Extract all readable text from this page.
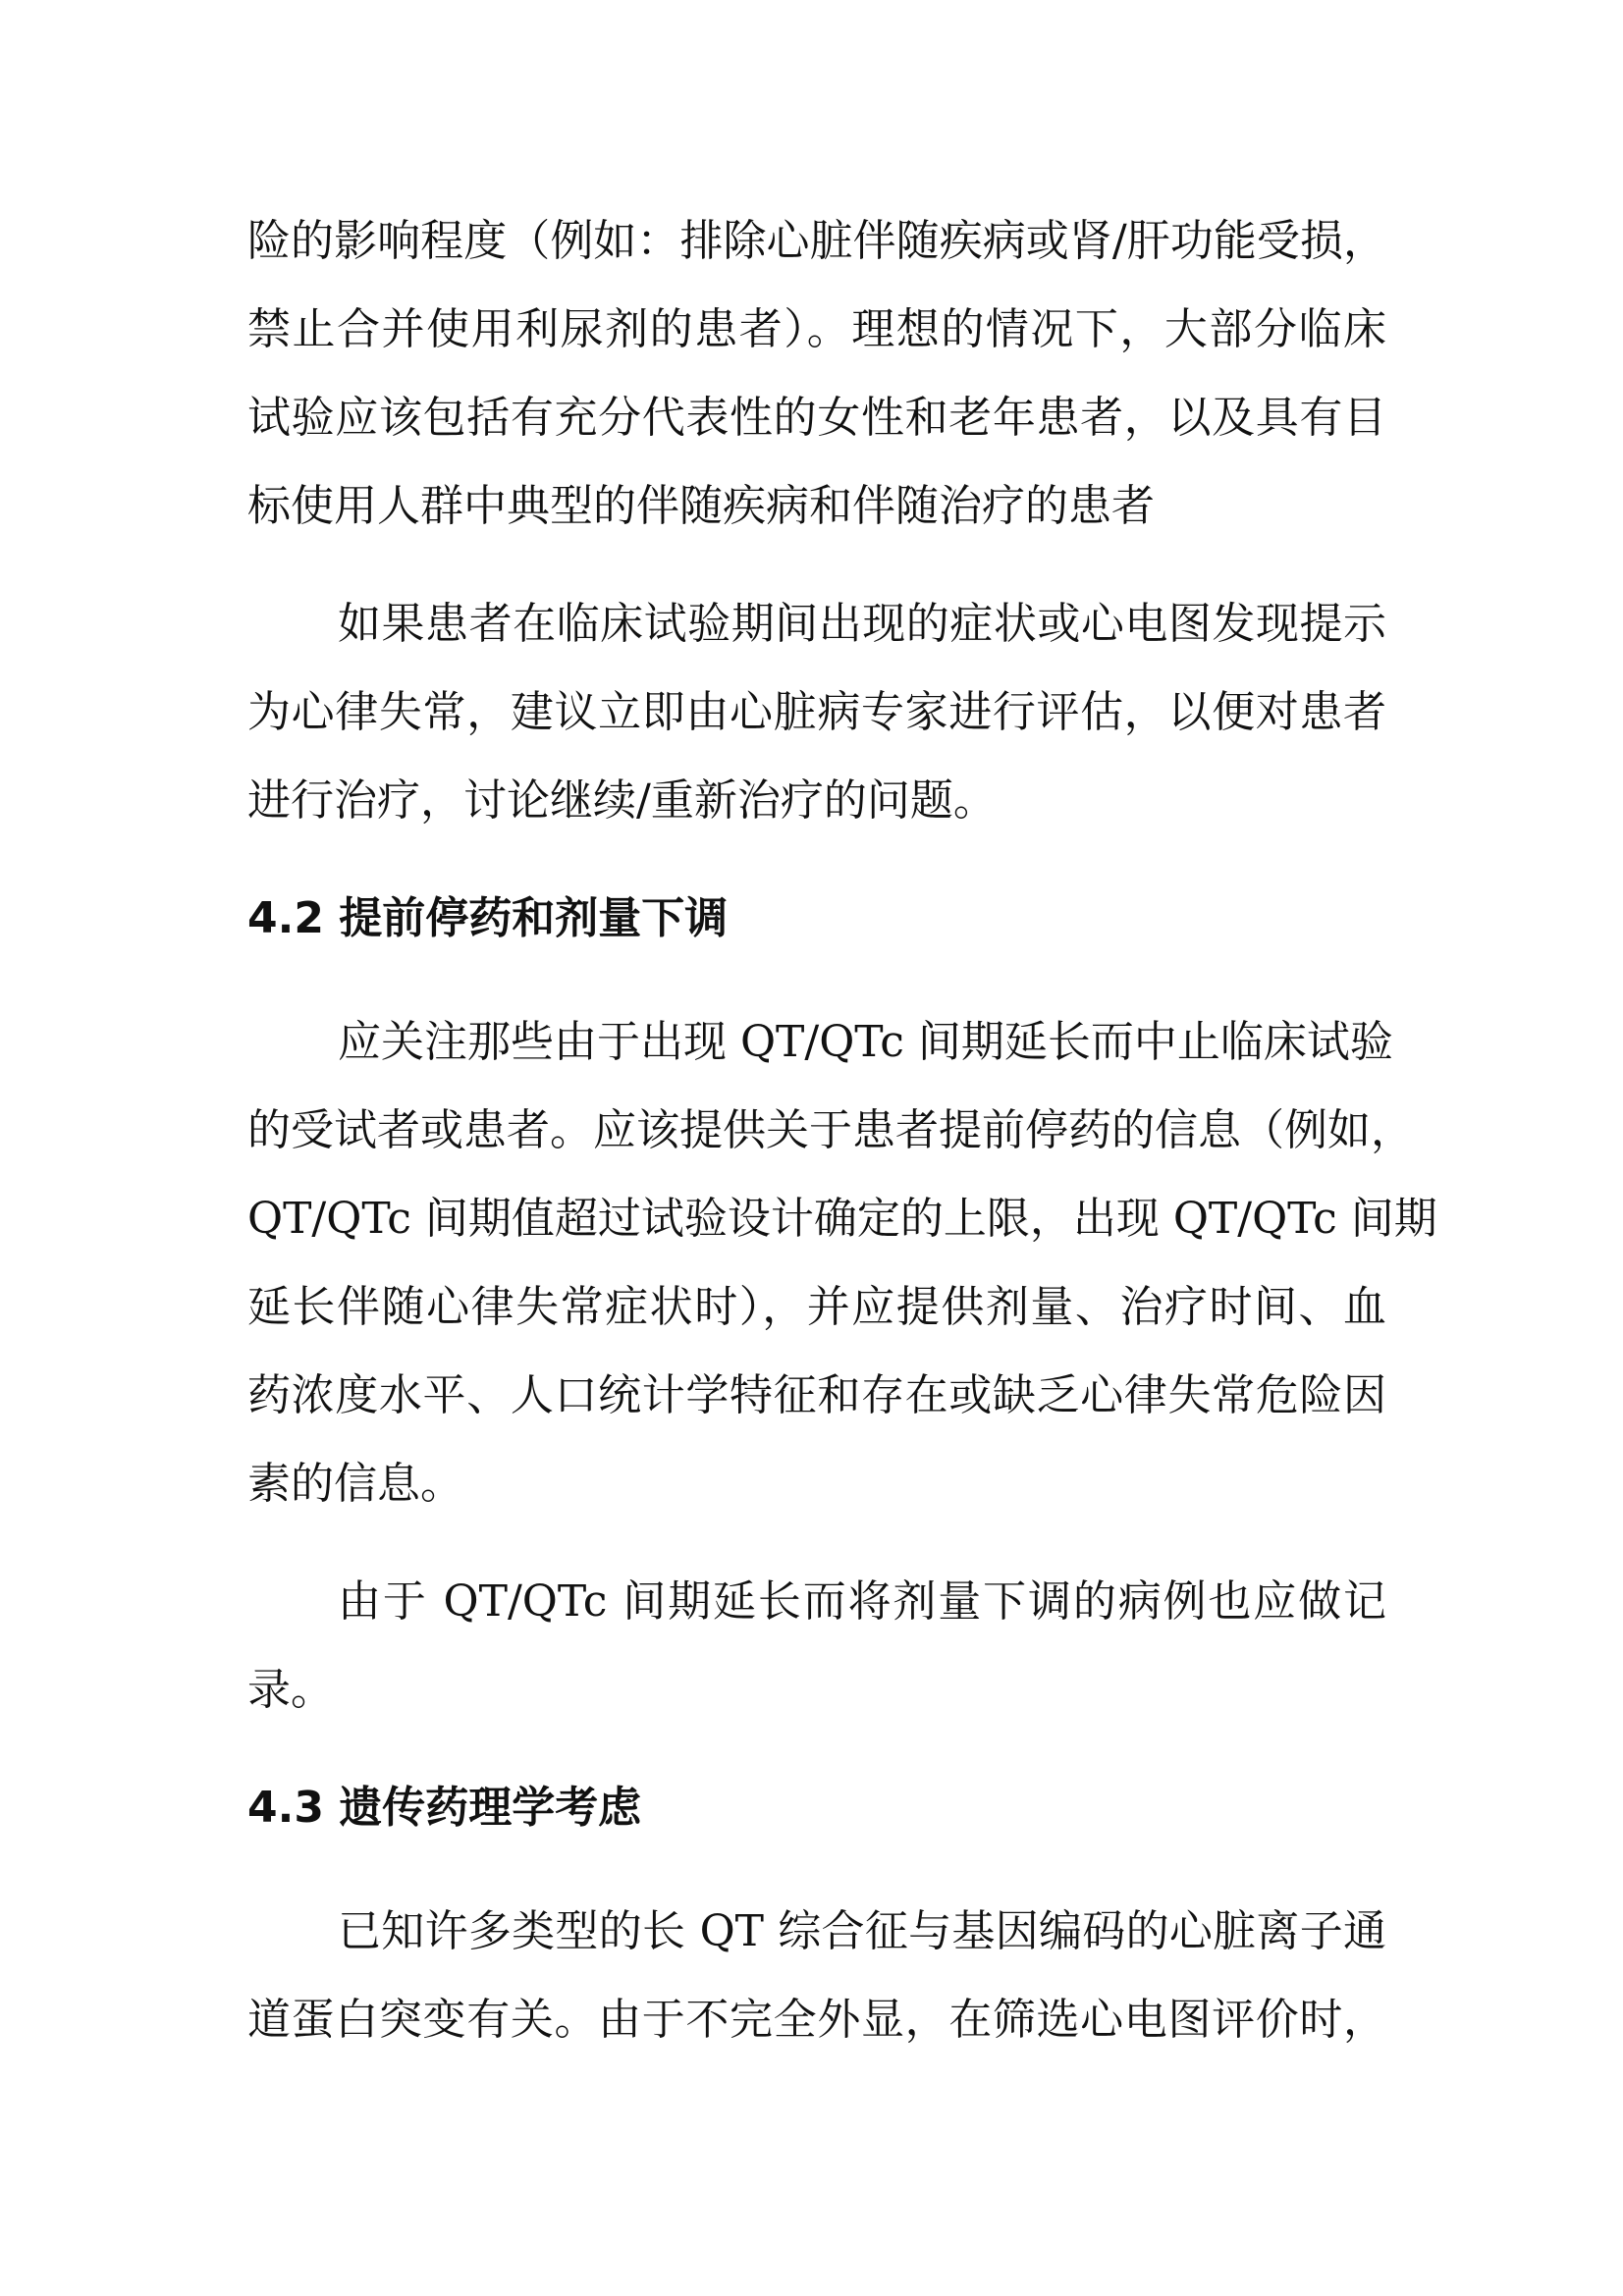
险的影响程度（例如：排除心脏伴随疾病或肾/肝功能受损，
禁止合并使用利尿剂的患者）。理想的情况下，大部分临床
试验应该包括有充分代表性的女性和老年患者，以及具有目
标使用人群中典型的伴随疾病和伴随治疗的患者
如果患者在临床试验期间出现的症状或心电图发现提示
为心律失常，建议立即由心脏病专家进行评估，以便对患者
进行治疗，讨论继续/重新治疗的问题。
4.2 提前停药和剂量下调
应关注那些由于出现 QT/QTc 间期延长而中止临床试验
的受试者或患者。应该提供关于患者提前停药的信息（例如，
QT/QTc 间期值超过试验设计确定的上限，出现 QT/QTc 间期
延长伴随心律失常症状时），并应提供剂量、治疗时间、血
药浓度水平、人口统计学特征和存在或缺乏心律失常危险因
素的信息。
由于 QT/QTc 间期延长而将剂量下调的病例也应做记
录。
4.3 遗传药理学考虑
已知许多类型的长 QT 综合征与基因编码的心脏离子通
道蛋白突变有关。由于不完全外显，在筛选心电图评价时，
